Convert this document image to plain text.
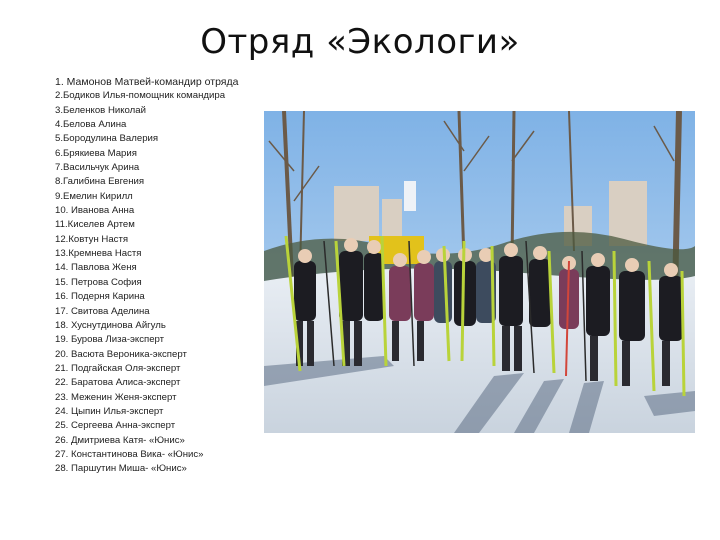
Отряд «Экологи»
1. Мамонов Матвей-командир отряда
2.Бодиков Илья-помощник командира
3.Беленков Николай
4.Белова Алина
5.Бородулина Валерия
6.Брякиева Мария
7.Васильчук Арина
8.Галибина Евгения
9.Емелин Кирилл
10. Иванова Анна
11.Киселев Артем
12.Ковтун Настя
13.Кремнева Настя
14. Павлова Женя
15. Петрова София
16. Подерня Карина
17. Свитова Аделина
18. Хуснутдинова Айгуль
19. Бурова Лиза-эксперт
20. Васюта Вероника-эксперт
21. Подгайская Оля-эксперт
22. Баратова Алиса-эксперт
23. Меженин Женя-эксперт
24. Цыпин Илья-эксперт
25. Сергеева Анна-эксперт
26. Дмитриева Катя- «Юнис»
27. Константинова Вика- «Юнис»
28. Паршутин Миша- «Юнис»
